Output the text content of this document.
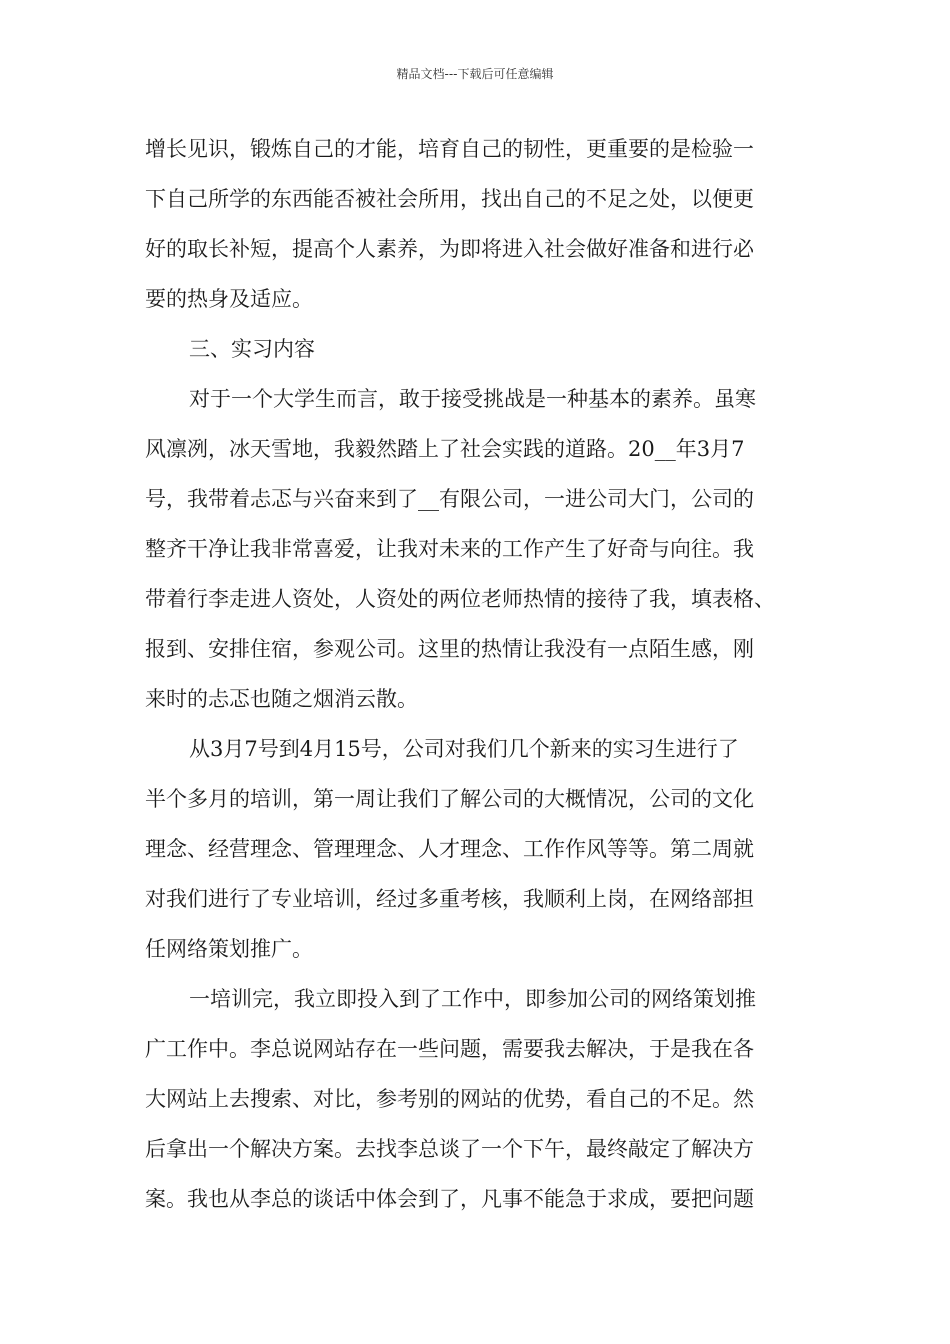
精品文档---下载后可任意编辑
增长见识，锻炼自己的才能，培育自己的韧性，更重要的是检验一
下自己所学的东西能否被社会所用，找出自己的不足之处，以便更
好的取长补短，提高个人素养，为即将进入社会做好准备和进行必
要的热身及适应。
三、实习内容
对于一个大学生而言，敢于接受挑战是一种基本的素养。虽寒
风凛冽，冰天雪地，我毅然踏上了社会实践的道路。20__年3月7
号，我带着忐忑与兴奋来到了__有限公司，一进公司大门，公司的
整齐干净让我非常喜爱，让我对未来的工作产生了好奇与向往。我
带着行李走进人资处，人资处的两位老师热情的接待了我，填表格、
报到、安排住宿，参观公司。这里的热情让我没有一点陌生感，刚
来时的忐忑也随之烟消云散。
从3月7号到4月15号，公司对我们几个新来的实习生进行了
半个多月的培训，第一周让我们了解公司的大概情况，公司的文化
理念、经营理念、管理理念、人才理念、工作作风等等。第二周就
对我们进行了专业培训，经过多重考核，我顺利上岗，在网络部担
任网络策划推广。
一培训完，我立即投入到了工作中，即参加公司的网络策划推
广工作中。李总说网站存在一些问题，需要我去解决，于是我在各
大网站上去搜索、对比，参考别的网站的优势，看自己的不足。然
后拿出一个解决方案。去找李总谈了一个下午，最终敲定了解决方
案。我也从李总的谈话中体会到了，凡事不能急于求成，要把问题
